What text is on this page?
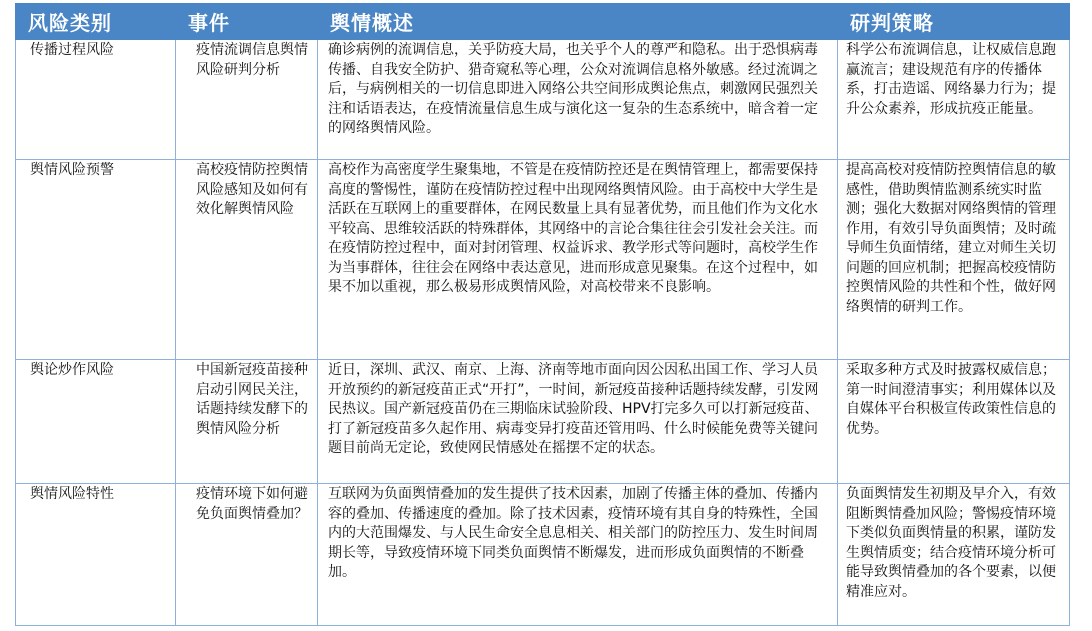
风险类别	事件	舆情概述	研判策略
传播过程风险	疫情流调信息舆情风险研判分析	确诊病例的流调信息，关乎防疫大局，也关乎个人的尊严和隐私。出于恐惧病毒传播、自我安全防护、猎奇窥私等心理，公众对流调信息格外敏感。经过流调之后，与病例相关的一切信息即进入网络公共空间形成舆论焦点，刺激网民强烈关注和话语表达，在疫情流量信息生成与演化这一复杂的生态系统中，暗含着一定的网络舆情风险。	科学公布流调信息，让权威信息跑赢流言；建设规范有序的传播体系，打击造谣、网络暴力行为；提升公众素养，形成抗疫正能量。
舆情风险预警	高校疫情防控舆情风险感知及如何有效化解舆情风险	高校作为高密度学生聚集地，不管是在疫情防控还是在舆情管理上，都需要保持高度的警惕性，谨防在疫情防控过程中出现网络舆情风险。由于高校中大学生是活跃在互联网上的重要群体，在网民数量上具有显著优势，而且他们作为文化水平较高、思维较活跃的特殊群体，其网络中的言论合集往往会引发社会关注。而在疫情防控过程中，面对封闭管理、权益诉求、教学形式等问题时，高校学生作为当事群体，往往会在网络中表达意见，进而形成意见聚集。在这个过程中，如果不加以重视，那么极易形成舆情风险，对高校带来不良影响。	提高高校对疫情防控舆情信息的敏感性，借助舆情监测系统实时监测；强化大数据对网络舆情的管理作用，有效引导负面舆情；及时疏导师生负面情绪，建立对师生关切问题的回应机制；把握高校疫情防控舆情风险的共性和个性，做好网络舆情的研判工作。
舆论炒作风险	中国新冠疫苗接种启动引网民关注，话题持续发酵下的舆情风险分析	近日，深圳、武汉、南京、上海、济南等地市面向因公因私出国工作、学习人员开放预约的新冠疫苗正式“开打”，一时间，新冠疫苗接种话题持续发酵，引发网民热议。国产新冠疫苗仍在三期临床试验阶段、HPV打完多久可以打新冠疫苗、打了新冠疫苗多久起作用、病毒变异打疫苗还管用吗、什么时候能免费等关键问题目前尚无定论，致使网民情感处在摇摆不定的状态。	采取多种方式及时披露权威信息；第一时间澄清事实；利用媒体以及自媒体平台积极宣传政策性信息的优势。
舆情风险特性	疫情环境下如何避免负面舆情叠加？	互联网为负面舆情叠加的发生提供了技术因素，加剧了传播主体的叠加、传播内容的叠加、传播速度的叠加。除了技术因素，疫情环境有其自身的特殊性，全国内的大范围爆发、与人民生命安全息息相关、相关部门的防控压力、发生时间周期长等，导致疫情环境下同类负面舆情不断爆发，进而形成负面舆情的不断叠加。	负面舆情发生初期及早介入，有效阻断舆情叠加风险；警惕疫情环境下类似负面舆情量的积累，谨防发生舆情质变；结合疫情环境分析可能导致舆情叠加的各个要素，以便精准应对。
